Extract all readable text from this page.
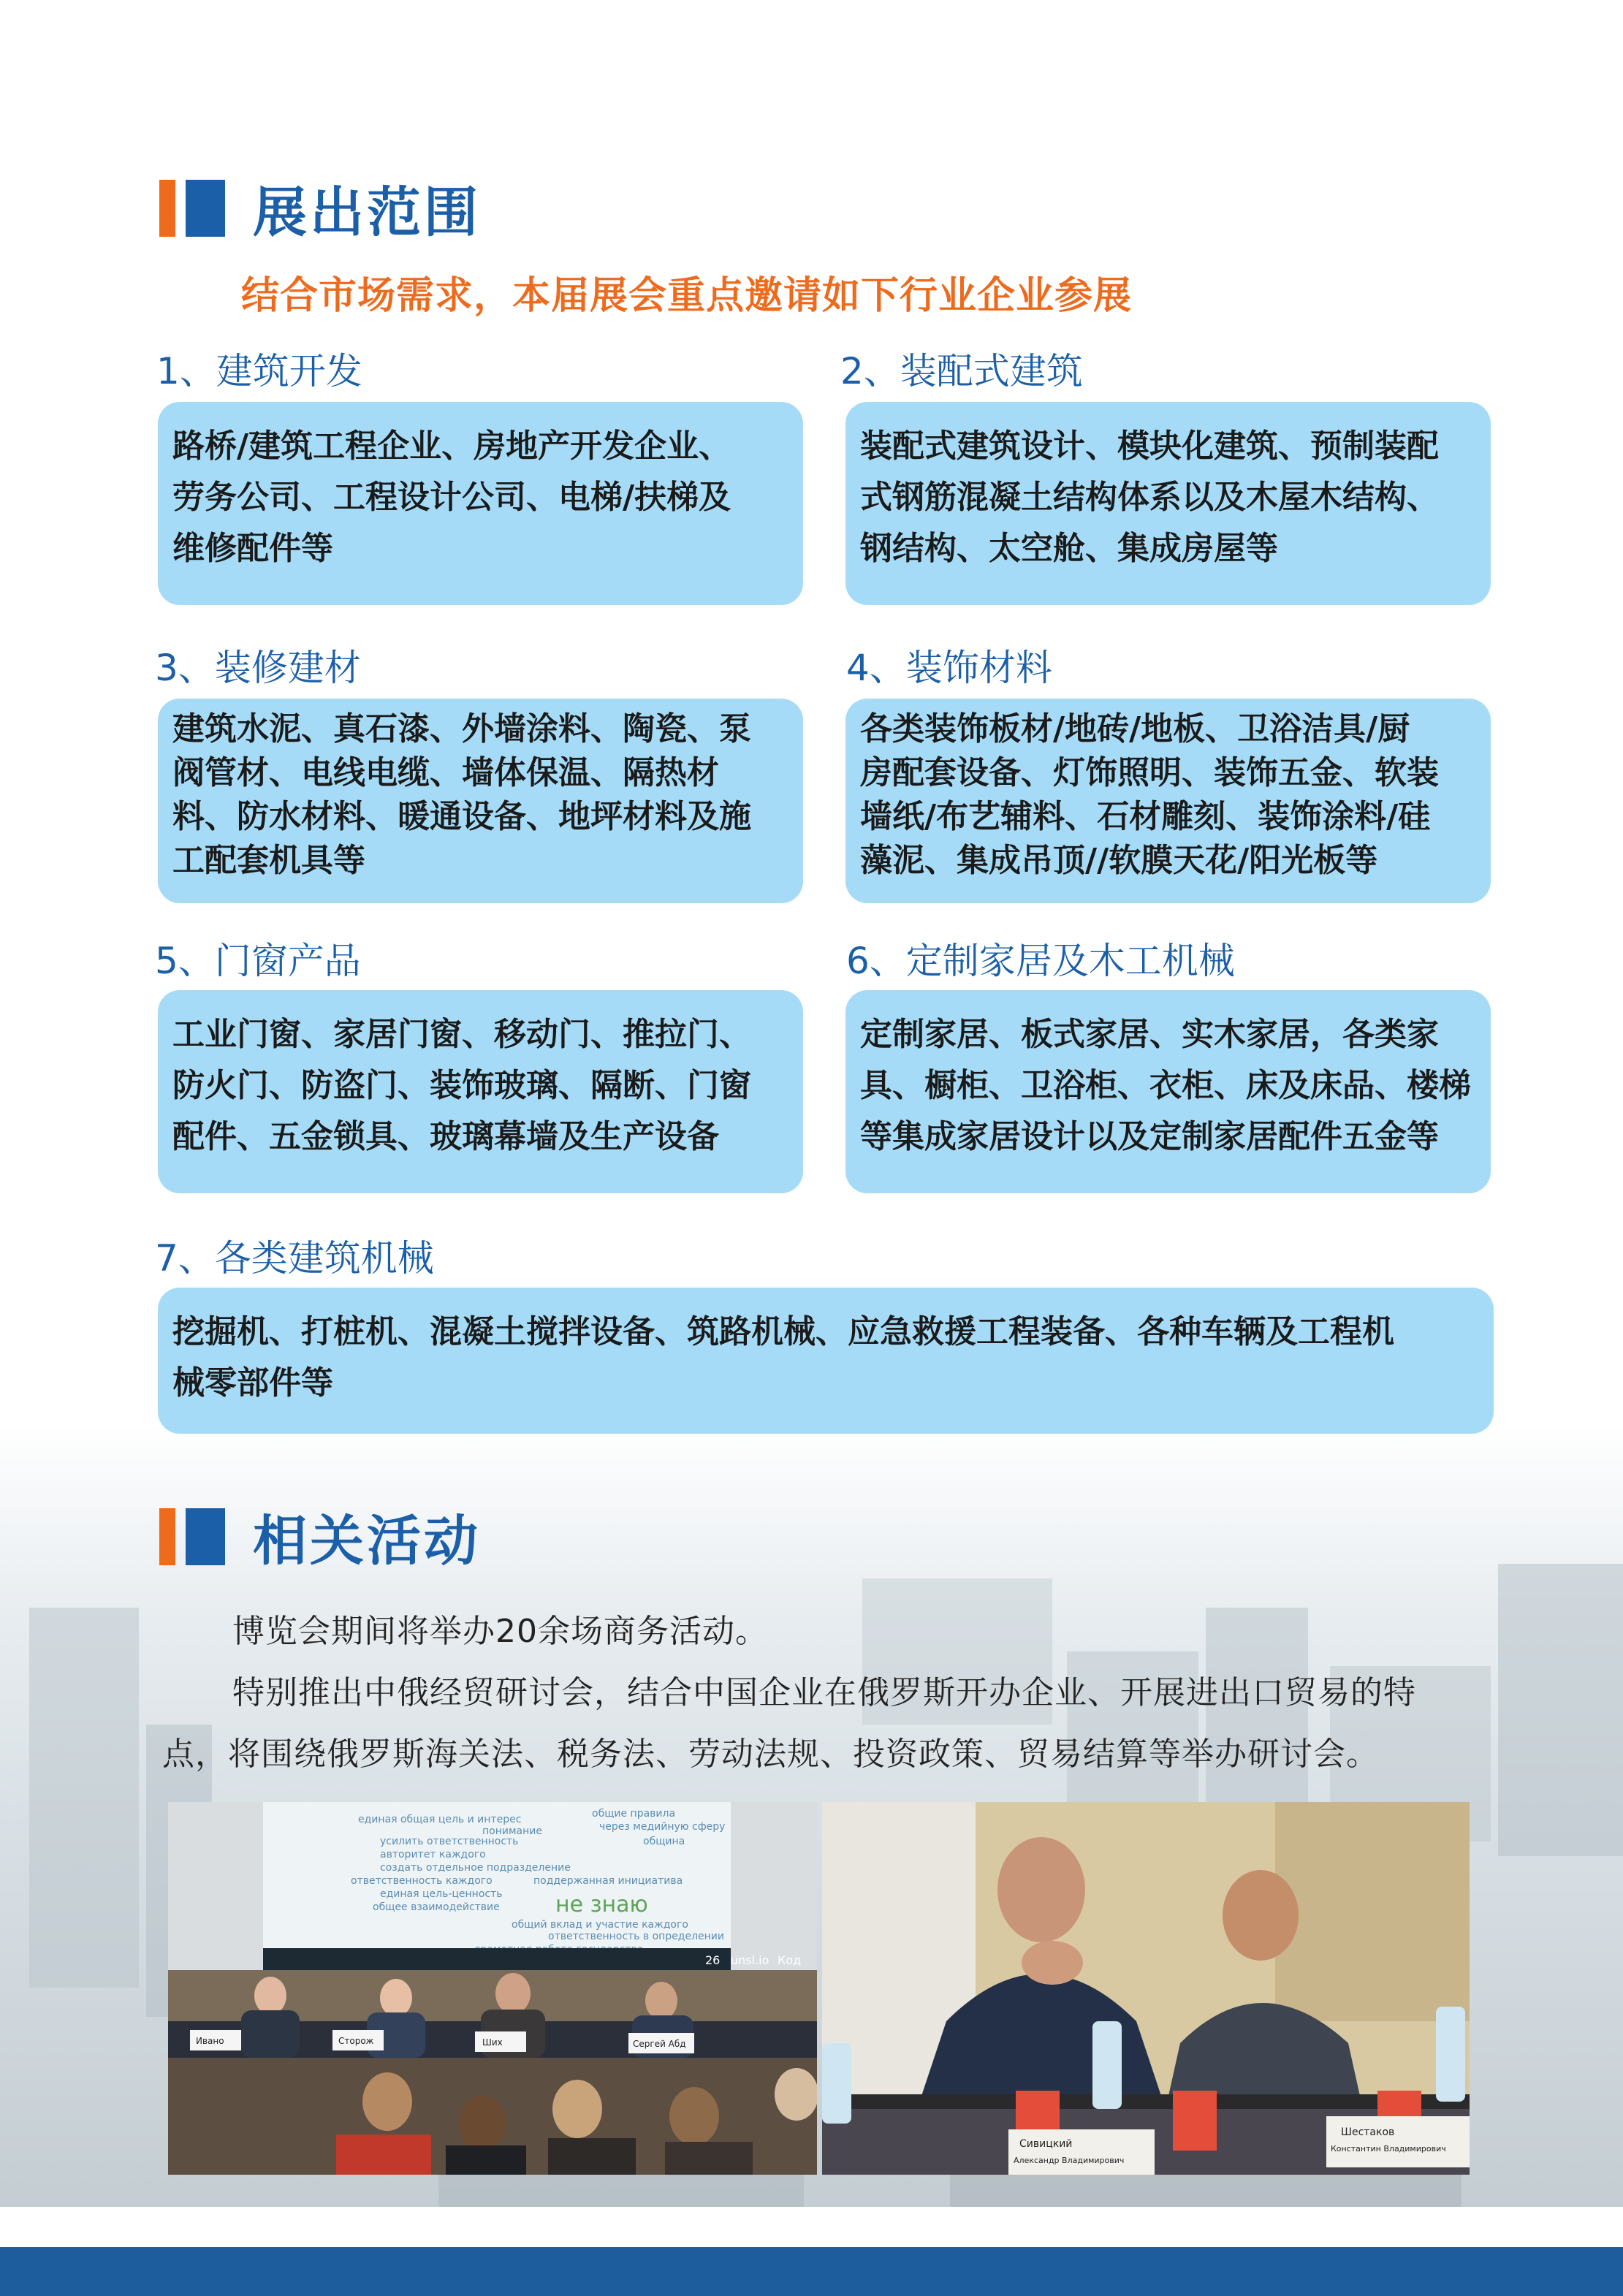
展出范围
结合市场需求，本届展会重点邀请如下行业企业参展
1、建筑开发
路桥/建筑工程企业、房地产开发企业、
劳务公司、工程设计公司、电梯/扶梯及
维修配件等
2、装配式建筑
装配式建筑设计、模块化建筑、预制装配
式钢筋混凝土结构体系以及木屋木结构、
钢结构、太空舱、集成房屋等
3、装修建材
建筑水泥、真石漆、外墙涂料、陶瓷、泵
阀管材、电线电缆、墙体保温、隔热材
料、防水材料、暖通设备、地坪材料及施
工配套机具等
4、装饰材料
各类装饰板材/地砖/地板、卫浴洁具/厨
房配套设备、灯饰照明、装饰五金、软装
墙纸/布艺辅料、石材雕刻、装饰涂料/硅
藻泥、集成吊顶//软膜天花/阳光板等
5、门窗产品
工业门窗、家居门窗、移动门、推拉门、
防火门、防盗门、装饰玻璃、隔断、门窗
配件、五金锁具、玻璃幕墙及生产设备
6、定制家居及木工机械
定制家居、板式家居、实木家居，各类家
具、橱柜、卫浴柜、衣柜、床及床品、楼梯
等集成家居设计以及定制家居配件五金等
7、各类建筑机械
挖掘机、打桩机、混凝土搅拌设备、筑路机械、应急救援工程装备、各种车辆及工程机
械零部件等
相关活动
博览会期间将举办20余场商务活动。
特别推出中俄经贸研讨会，结合中国企业在俄罗斯开办企业、开展进出口贸易的特
点，将围绕俄罗斯海关法、税务法、劳动法规、投资政策、贸易结算等举办研讨会。
единая общая цель и интерес	общие правила
через медийную сферу
понимание
усилить ответственность	община
авторитет каждого
создать отдельное подразделение
ответственность каждого	поддержанная инициатива
единая цель-ценность не знаю
общее взаимодействие
общий вклад и участие каждого
ответственность в определении
26 unsl.io Код
Ивано	Сторож	Ших	Сергей Абд
Сивицкий
Александр Владимирович
Шестаков
Константин Владимирович
